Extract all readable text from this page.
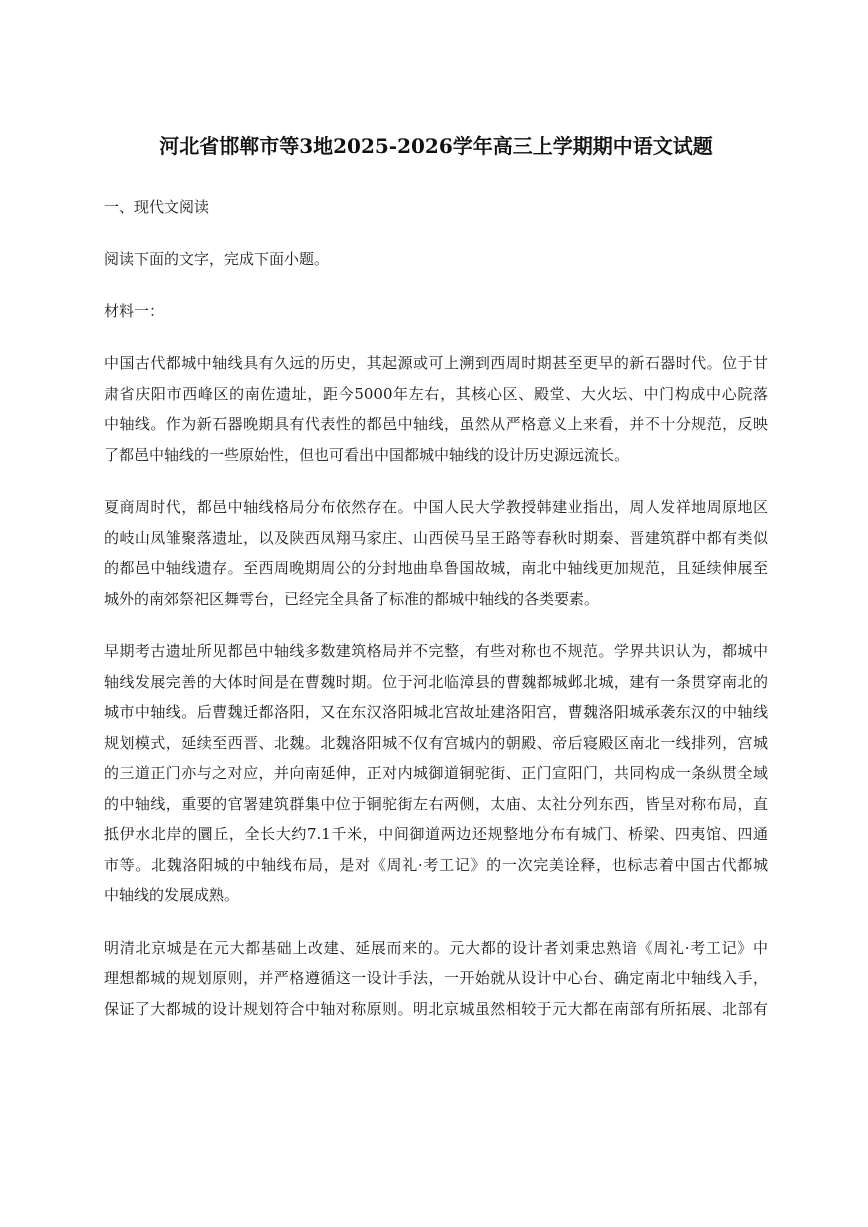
河北省邯郸市等3地2025-2026学年高三上学期期中语文试题

一、现代文阅读

阅读下面的文字，完成下面小题。

材料一：

中国古代都城中轴线具有久远的历史，其起源或可上溯到西周时期甚至更早的新石器时代。位于甘
肃省庆阳市西峰区的南佐遗址，距今5000年左右，其核心区、殿堂、大火坛、中门构成中心院落
中轴线。作为新石器晚期具有代表性的都邑中轴线，虽然从严格意义上来看，并不十分规范，反映
了都邑中轴线的一些原始性，但也可看出中国都城中轴线的设计历史源远流长。

夏商周时代，都邑中轴线格局分布依然存在。中国人民大学教授韩建业指出，周人发祥地周原地区
的岐山凤雏聚落遗址，以及陕西凤翔马家庄、山西侯马呈王路等春秋时期秦、晋建筑群中都有类似
的都邑中轴线遗存。至西周晚期周公的分封地曲阜鲁国故城，南北中轴线更加规范，且延续伸展至
城外的南郊祭祀区舞雩台，已经完全具备了标准的都城中轴线的各类要素。

早期考古遗址所见都邑中轴线多数建筑格局并不完整，有些对称也不规范。学界共识认为，都城中
轴线发展完善的大体时间是在曹魏时期。位于河北临漳县的曹魏都城邺北城，建有一条贯穿南北的
城市中轴线。后曹魏迁都洛阳，又在东汉洛阳城北宫故址建洛阳宫，曹魏洛阳城承袭东汉的中轴线
规划模式，延续至西晋、北魏。北魏洛阳城不仅有宫城内的朝殿、帝后寝殿区南北一线排列，宫城
的三道正门亦与之对应，并向南延伸，正对内城御道铜驼街、正门宣阳门，共同构成一条纵贯全域
的中轴线，重要的官署建筑群集中位于铜驼街左右两侧，太庙、太社分列东西，皆呈对称布局，直
抵伊水北岸的圜丘，全长大约7.1千米，中间御道两边还规整地分布有城门、桥梁、四夷馆、四通
市等。北魏洛阳城的中轴线布局，是对《周礼·考工记》的一次完美诠释，也标志着中国古代都城
中轴线的发展成熟。

明清北京城是在元大都基础上改建、延展而来的。元大都的设计者刘秉忠熟谙《周礼·考工记》中
理想都城的规划原则，并严格遵循这一设计手法，一开始就从设计中心台、确定南北中轴线入手，
保证了大都城的设计规划符合中轴对称原则。明北京城虽然相较于元大都在南部有所拓展、北部有
